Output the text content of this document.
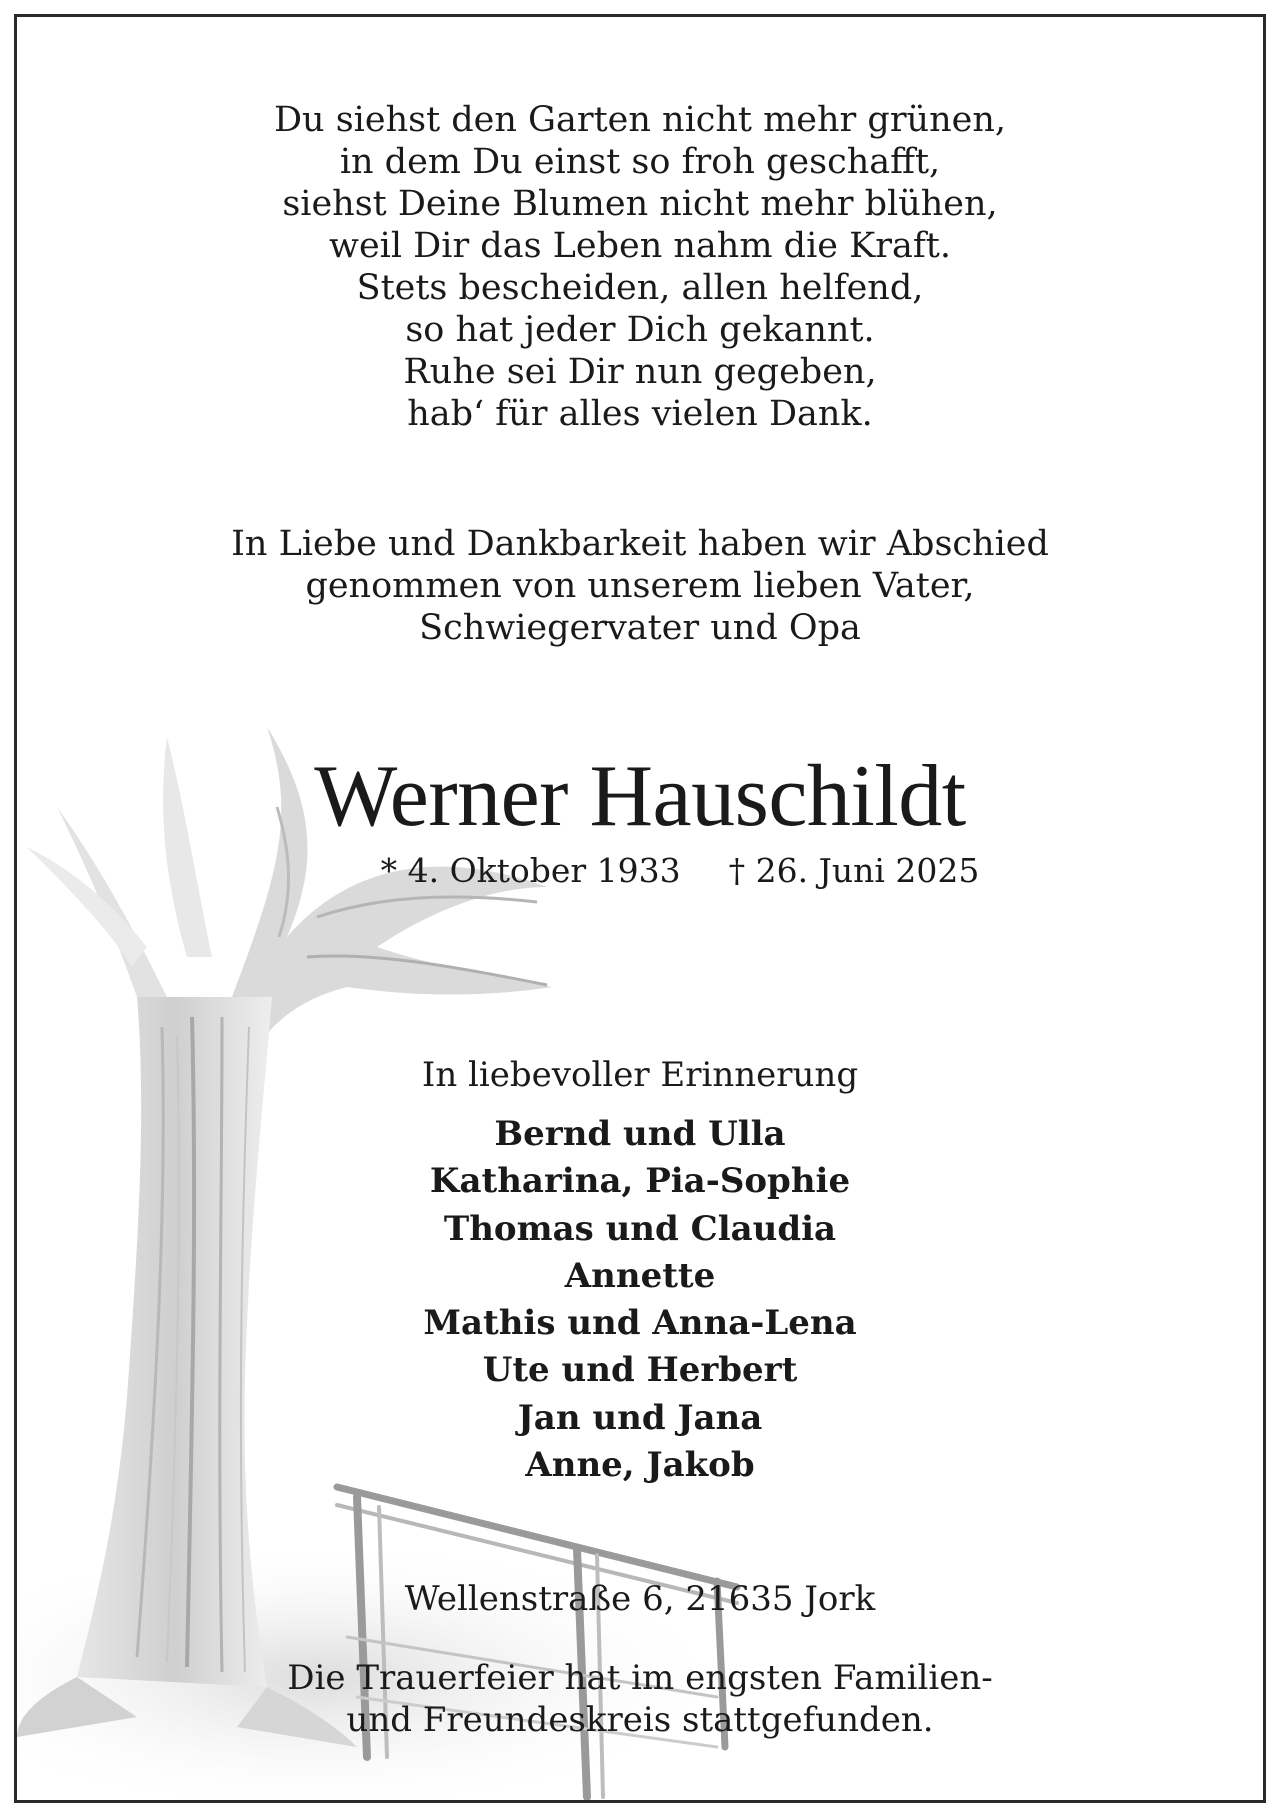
Du siehst den Garten nicht mehr grünen,
in dem Du einst so froh geschafft,
siehst Deine Blumen nicht mehr blühen,
weil Dir das Leben nahm die Kraft.
Stets bescheiden, allen helfend,
so hat jeder Dich gekannt.
Ruhe sei Dir nun gegeben,
hab‘ für alles vielen Dank.
In Liebe und Dankbarkeit haben wir Abschied
genommen von unserem lieben Vater,
Schwiegervater und Opa
Werner Hauschildt
* 4. Oktober 1933 † 26. Juni 2025
In liebevoller Erinnerung
Bernd und Ulla
Katharina, Pia-Sophie
Thomas und Claudia
Annette
Mathis und Anna-Lena
Ute und Herbert
Jan und Jana
Anne, Jakob
Wellenstraße 6, 21635 Jork
Die Trauerfeier hat im engsten Familien-
und Freundeskreis stattgefunden.
